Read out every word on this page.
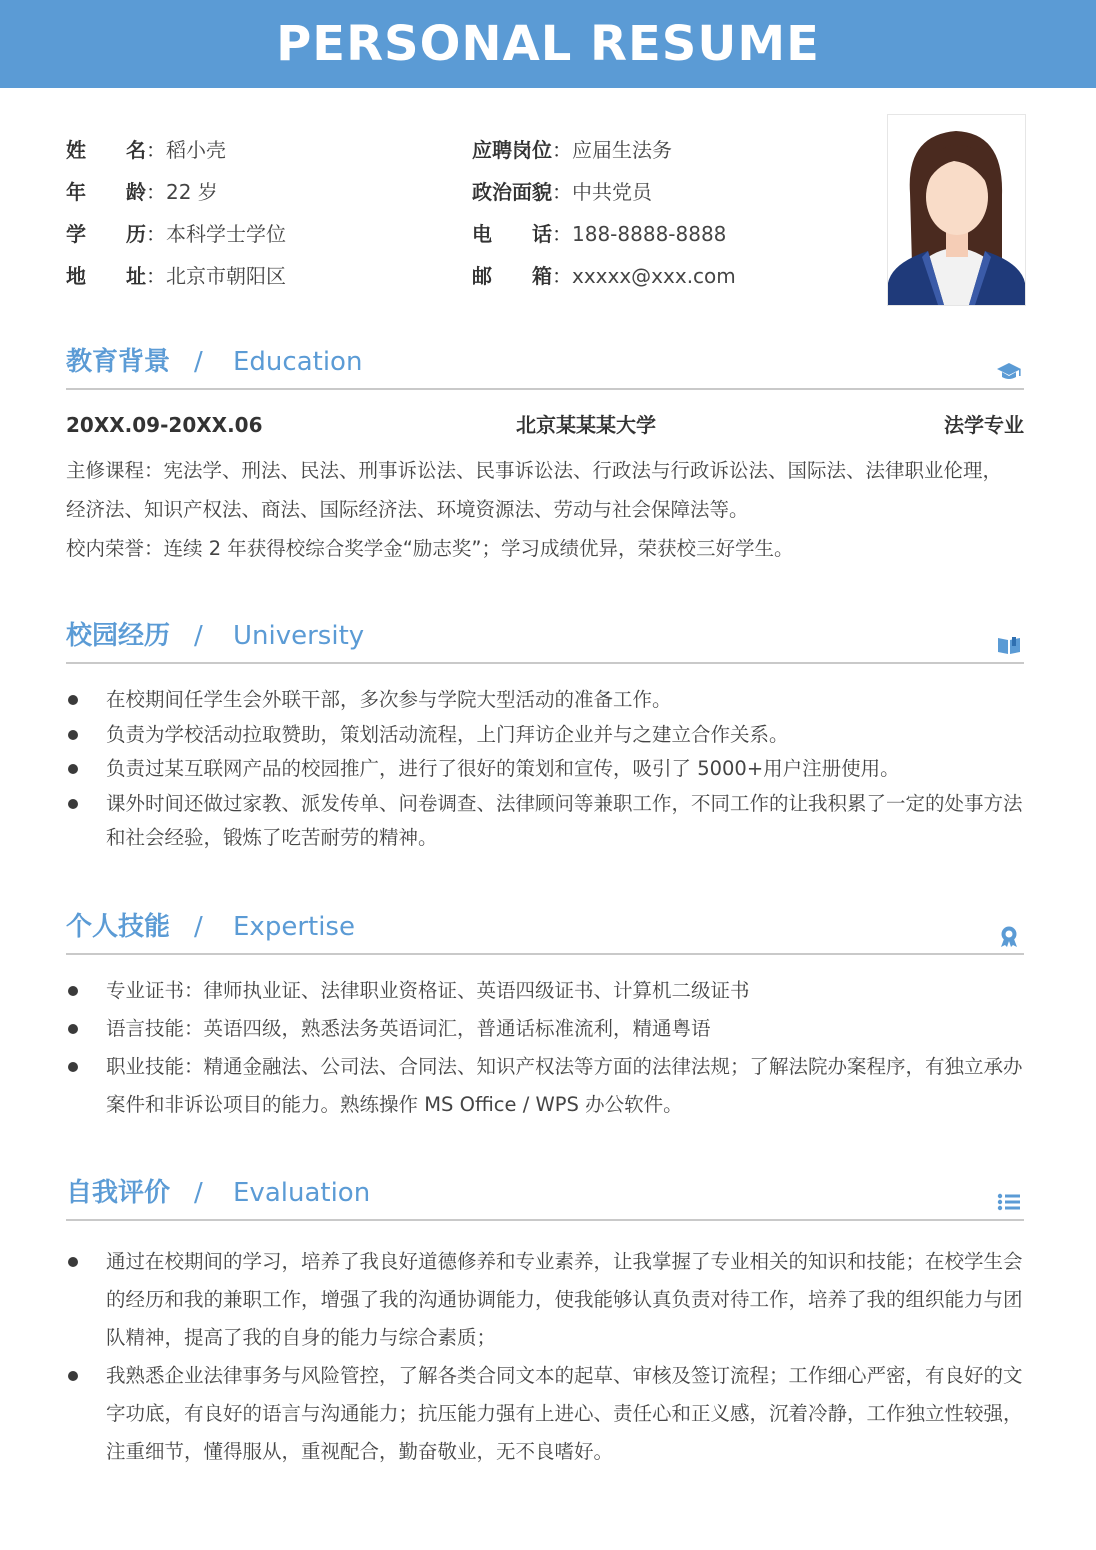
PERSONAL RESUME
姓 名：稻小壳
年 龄：22 岁
学 历：本科学士学位
地 址：北京市朝阳区
应聘岗位：应届生法务
政治面貌：中共党员
电 话：188-8888-8888
邮 箱：xxxxx@xxx.com
教育背景 / Education
20XX.09-20XX.06	北京某某某大学	法学专业
主修课程：宪法学、刑法、民法、刑事诉讼法、民事诉讼法、行政法与行政诉讼法、国际法、法律职业伦理，
经济法、知识产权法、商法、国际经济法、环境资源法、劳动与社会保障法等。
校内荣誉：连续 2 年获得校综合奖学金“励志奖”；学习成绩优异，荣获校三好学生。
校园经历 / University
在校期间任学生会外联干部，多次参与学院大型活动的准备工作。
负责为学校活动拉取赞助，策划活动流程，上门拜访企业并与之建立合作关系。
负责过某互联网产品的校园推广，进行了很好的策划和宣传，吸引了 5000+用户注册使用。
课外时间还做过家教、派发传单、问卷调查、法律顾问等兼职工作，不同工作的让我积累了一定的处事方法和社会经验，锻炼了吃苦耐劳的精神。
个人技能 / Expertise
专业证书：律师执业证、法律职业资格证、英语四级证书、计算机二级证书
语言技能：英语四级，熟悉法务英语词汇，普通话标准流利，精通粤语
职业技能：精通金融法、公司法、合同法、知识产权法等方面的法律法规；了解法院办案程序，有独立承办案件和非诉讼项目的能力。熟练操作 MS Office / WPS 办公软件。
自我评价 / Evaluation
通过在校期间的学习，培养了我良好道德修养和专业素养，让我掌握了专业相关的知识和技能；在校学生会的经历和我的兼职工作，增强了我的沟通协调能力，使我能够认真负责对待工作，培养了我的组织能力与团队精神，提高了我的自身的能力与综合素质；
我熟悉企业法律事务与风险管控，了解各类合同文本的起草、审核及签订流程；工作细心严密，有良好的文字功底，有良好的语言与沟通能力；抗压能力强有上进心、责任心和正义感，沉着冷静，工作独立性较强，注重细节，懂得服从，重视配合，勤奋敬业，无不良嗜好。
